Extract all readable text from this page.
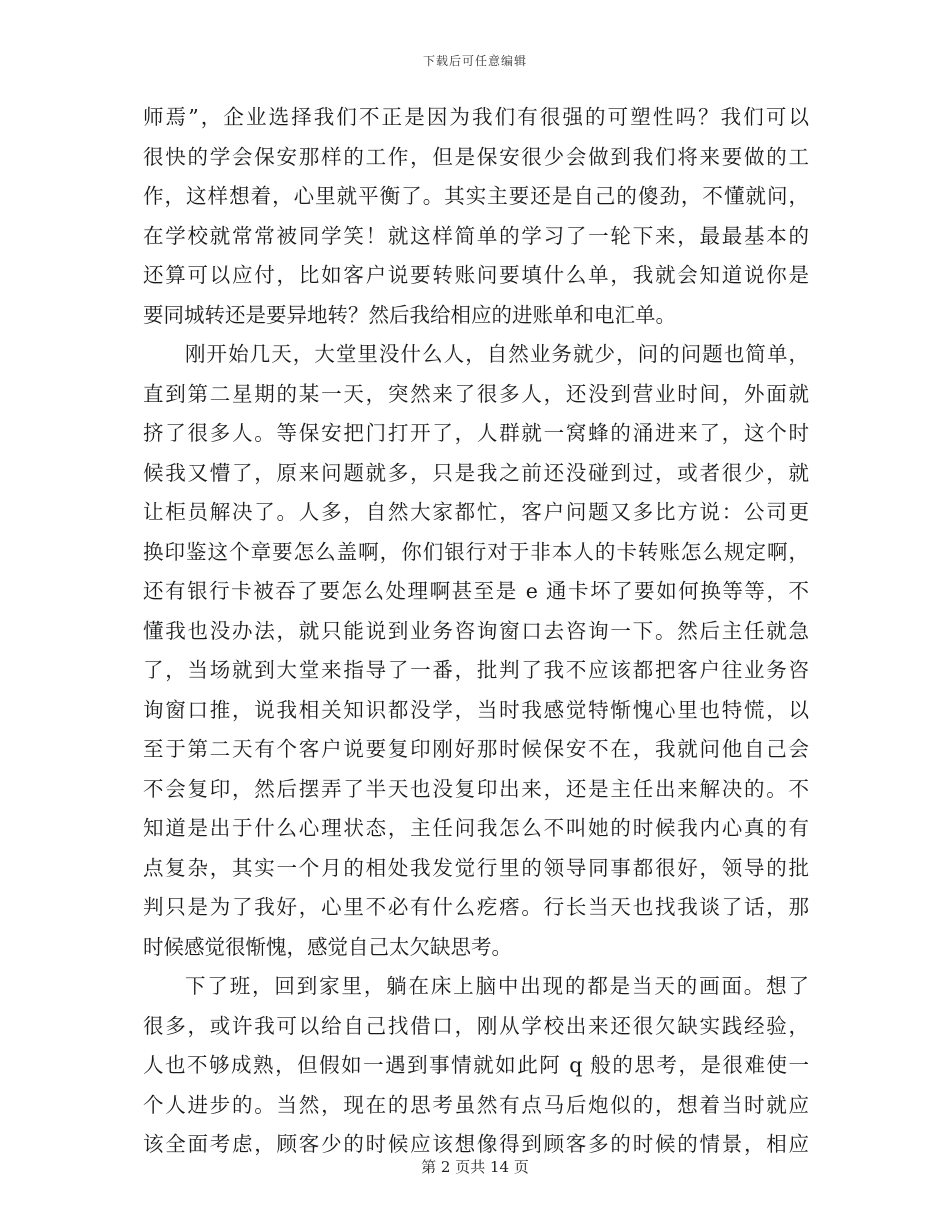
下载后可任意编辑
师焉”，企业选择我们不正是因为我们有很强的可塑性吗？我们可以
很快的学会保安那样的工作，但是保安很少会做到我们将来要做的工
作，这样想着，心里就平衡了。其实主要还是自己的傻劲，不懂就问，
在学校就常常被同学笑！就这样简单的学习了一轮下来，最最基本的
还算可以应付，比如客户说要转账问要填什么单，我就会知道说你是
要同城转还是要异地转？然后我给相应的进账单和电汇单。
刚开始几天，大堂里没什么人，自然业务就少，问的问题也简单，
直到第二星期的某一天，突然来了很多人，还没到营业时间，外面就
挤了很多人。等保安把门打开了，人群就一窝蜂的涌进来了，这个时
候我又懵了，原来问题就多，只是我之前还没碰到过，或者很少，就
让柜员解决了。人多，自然大家都忙，客户问题又多比方说：公司更
换印鉴这个章要怎么盖啊，你们银行对于非本人的卡转账怎么规定啊，
还有银行卡被吞了要怎么处理啊甚至是 e 通卡坏了要如何换等等，不
懂我也没办法，就只能说到业务咨询窗口去咨询一下。然后主任就急
了，当场就到大堂来指导了一番，批判了我不应该都把客户往业务咨
询窗口推，说我相关知识都没学，当时我感觉特惭愧心里也特慌，以
至于第二天有个客户说要复印刚好那时候保安不在，我就问他自己会
不会复印，然后摆弄了半天也没复印出来，还是主任出来解决的。不
知道是出于什么心理状态，主任问我怎么不叫她的时候我内心真的有
点复杂，其实一个月的相处我发觉行里的领导同事都很好，领导的批
判只是为了我好，心里不必有什么疙瘩。行长当天也找我谈了话，那
时候感觉很惭愧，感觉自己太欠缺思考。
下了班，回到家里，躺在床上脑中出现的都是当天的画面。想了
很多，或许我可以给自己找借口，刚从学校出来还很欠缺实践经验，
人也不够成熟，但假如一遇到事情就如此阿 q 般的思考，是很难使一
个人进步的。当然，现在的思考虽然有点马后炮似的，想着当时就应
该全面考虑，顾客少的时候应该想像得到顾客多的时候的情景，相应
第 2 页共 14 页
